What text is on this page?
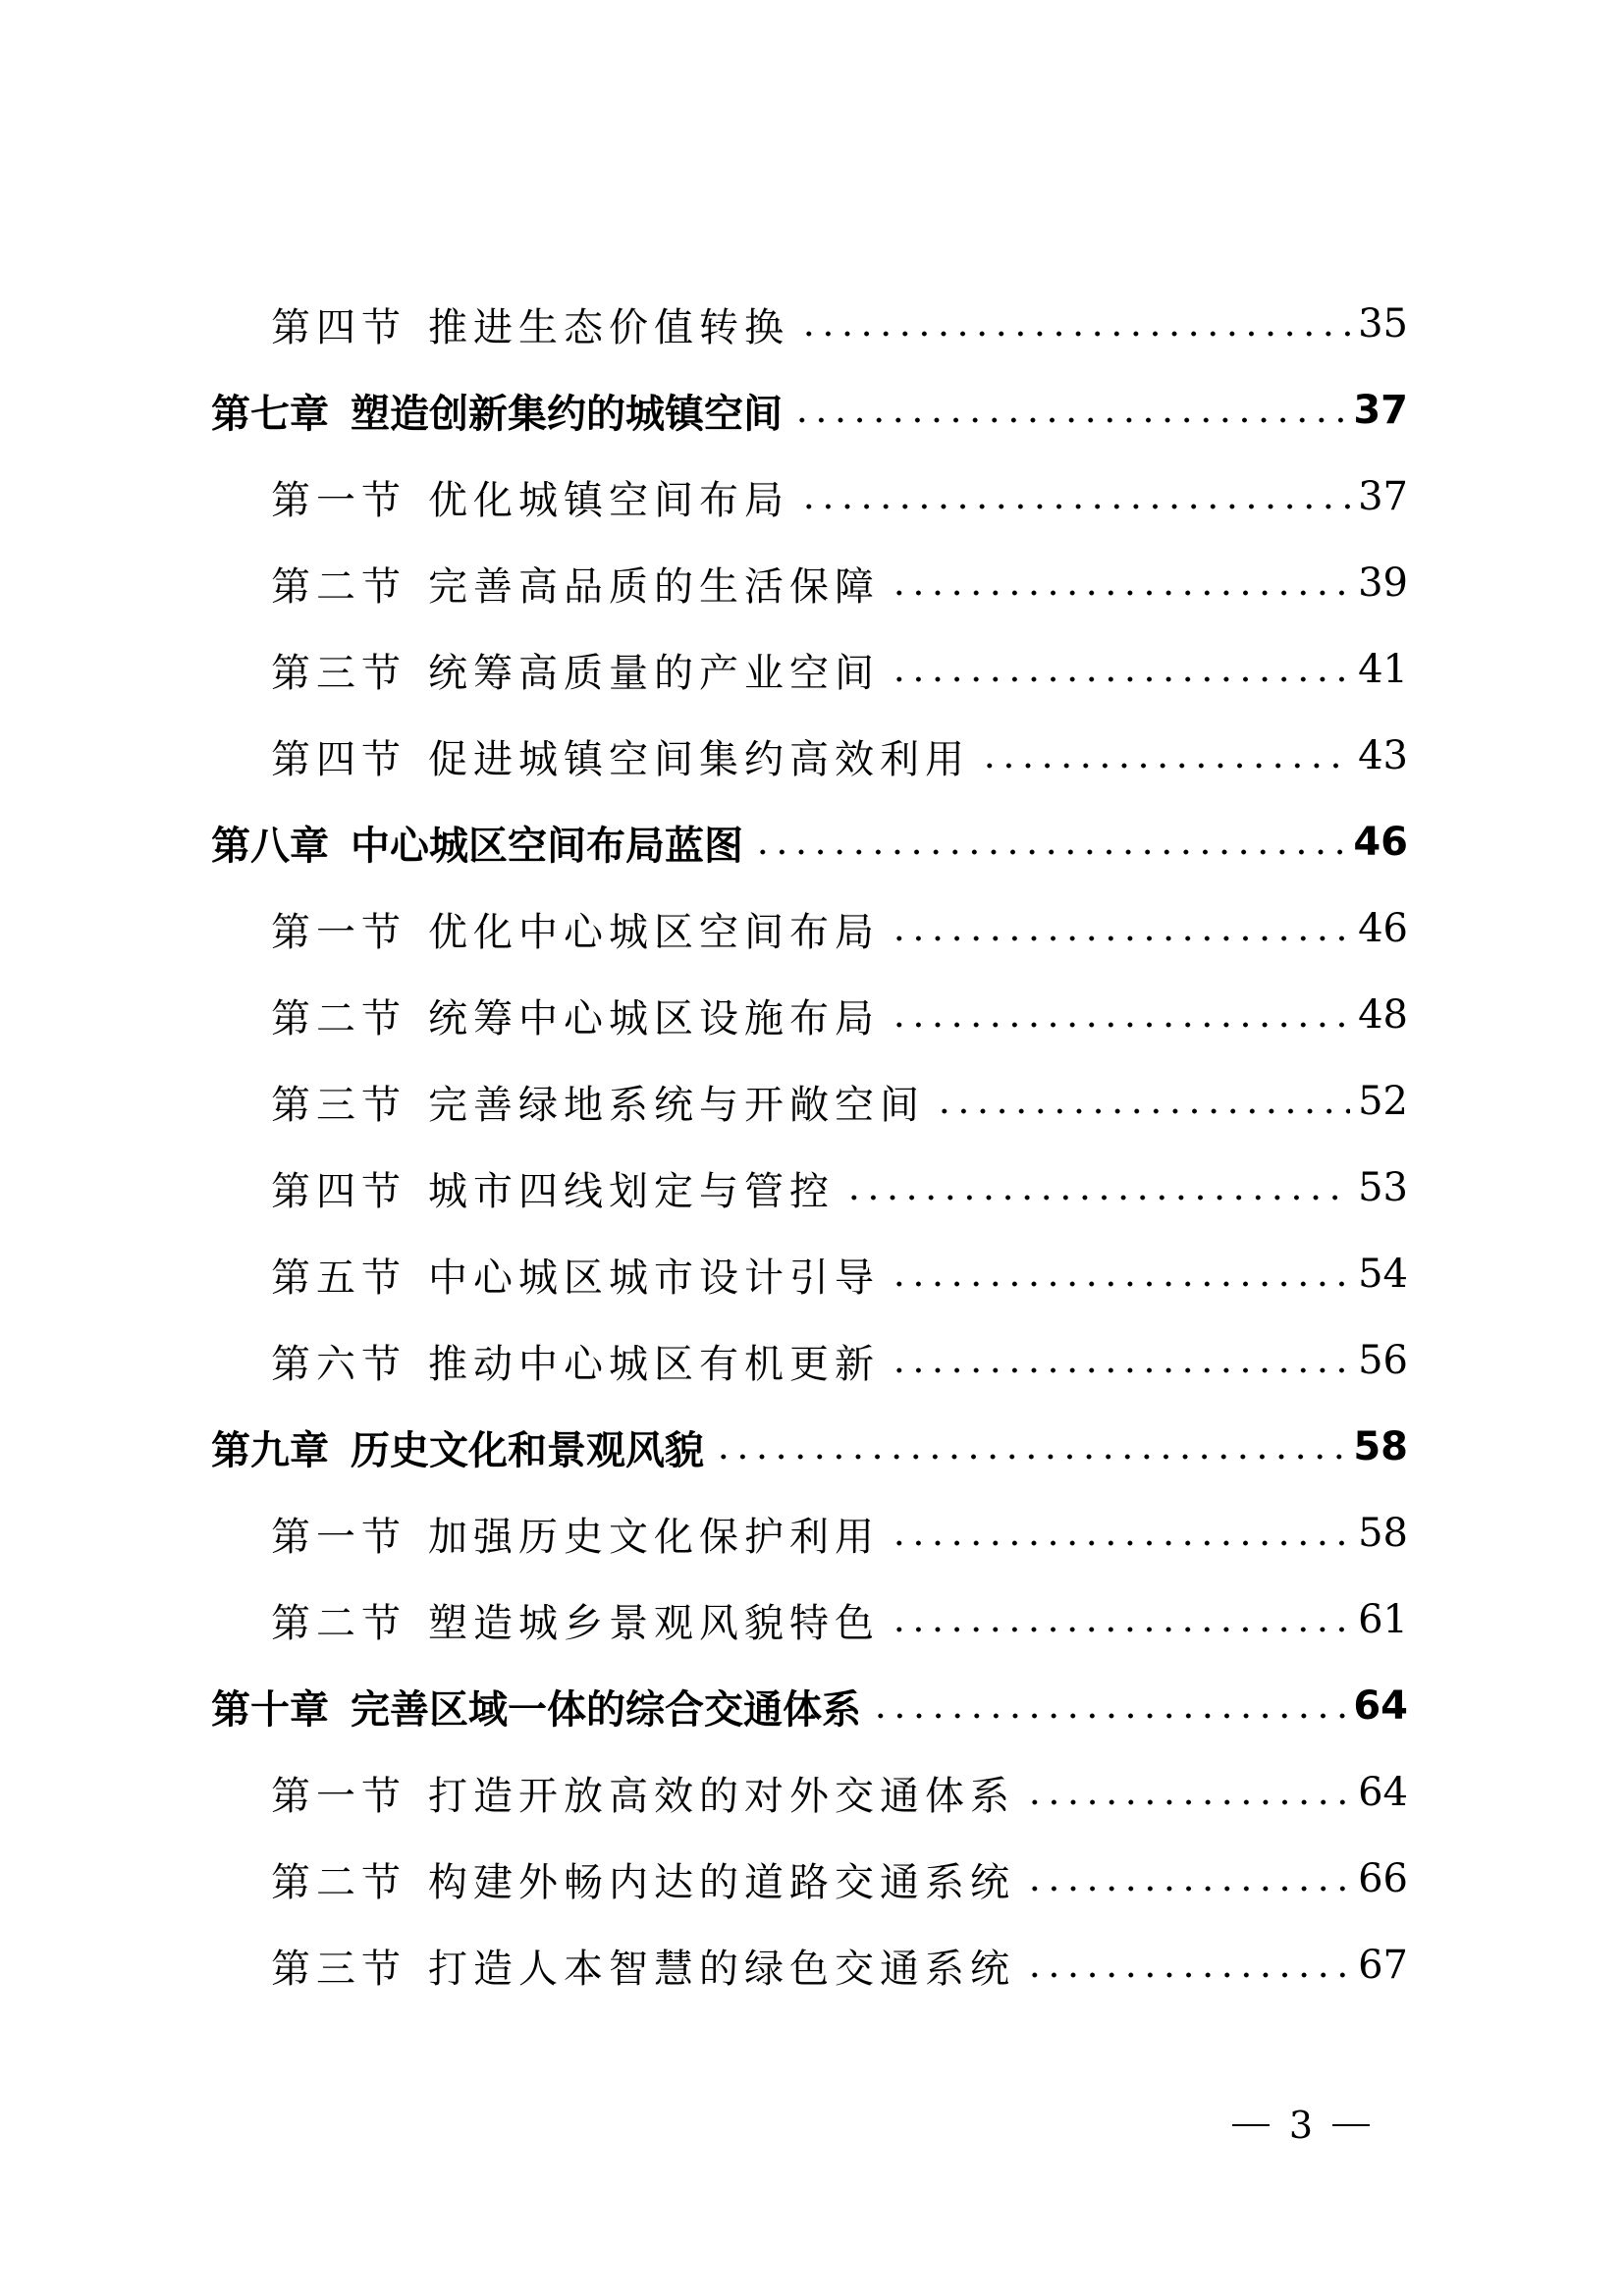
第四节 推进生态价值转换	35
第七章 塑造创新集约的城镇空间	37
第一节 优化城镇空间布局	37
第二节 完善高品质的生活保障	39
第三节 统筹高质量的产业空间	41
第四节 促进城镇空间集约高效利用	43
第八章 中心城区空间布局蓝图	46
第一节 优化中心城区空间布局	46
第二节 统筹中心城区设施布局	48
第三节 完善绿地系统与开敞空间	52
第四节 城市四线划定与管控	53
第五节 中心城区城市设计引导	54
第六节 推动中心城区有机更新	56
第九章 历史文化和景观风貌	58
第一节 加强历史文化保护利用	58
第二节 塑造城乡景观风貌特色	61
第十章 完善区域一体的综合交通体系	64
第一节 打造开放高效的对外交通体系	64
第二节 构建外畅内达的道路交通系统	66
第三节 打造人本智慧的绿色交通系统	67
3
